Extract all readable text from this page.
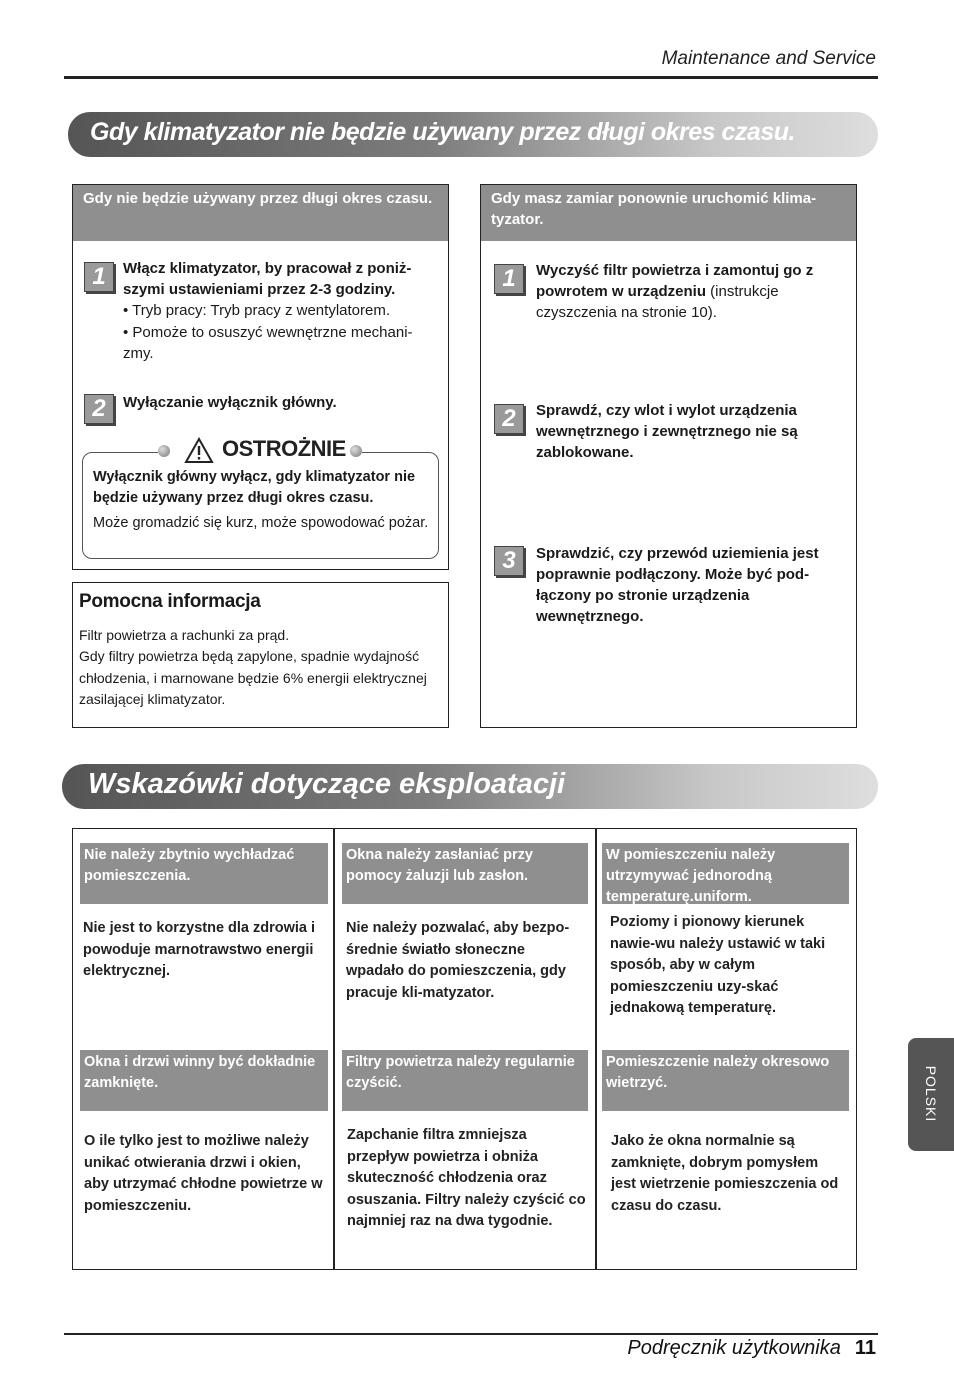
Maintenance and Service
Gdy klimatyzator nie będzie używany przez długi okres czasu.
Gdy nie będzie używany przez długi okres czasu.
1	Włącz klimatyzator, by pracował z poniż-szymi ustawieniami przez 2-3 godziny.
• Tryb pracy: Tryb pracy z wentylatorem.
• Pomoże to osuszyć wewnętrzne mechani-zmy.
2	Wyłączanie wyłącznik główny.
OSTROŻNIE
Wyłącznik główny wyłącz, gdy klimatyzator nie będzie używany przez długi okres czasu.
Może gromadzić się kurz, może spowodować pożar.
Pomocna informacja
Filtr powietrza a rachunki za prąd.
Gdy filtry powietrza będą zapylone, spadnie wydajność chłodzenia, i marnowane będzie 6% energii elektrycznej zasilającej klimatyzator.
Gdy masz zamiar ponownie uruchomić klima-tyzator.
1	Wyczyść filtr powietrza i zamontuj go z powrotem w urządzeniu (instrukcje czyszczenia na stronie 10).
2	Sprawdź, czy wlot i wylot urządzenia wewnętrznego i zewnętrznego nie są zablokowane.
3	Sprawdzić, czy przewód uziemienia jest poprawnie podłączony. Może być pod-łączony po stronie urządzenia wewnętrznego.
Wskazówki dotyczące eksploatacji
Nie należy zbytnio wychładzać pomieszczenia.
Nie jest to korzystne dla zdrowia i powoduje marnotrawstwo energii elektrycznej.
Okna należy zasłaniać przy pomocy żaluzji lub zasłon.
Nie należy pozwalać, aby bezpo-średnie światło słoneczne wpadało do pomieszczenia, gdy pracuje kli-matyzator.
W pomieszczeniu należy utrzymywać jednorodną temperaturę.uniform.
Poziomy i pionowy kierunek nawie-wu należy ustawić w taki sposób, aby w całym pomieszczeniu uzy-skać jednakową temperaturę.
Okna i drzwi winny być dokładnie zamknięte.
O ile tylko jest to możliwe należy unikać otwierania drzwi i okien, aby utrzymać chłodne powietrze w pomieszczeniu.
Filtry powietrza należy regularnie czyścić.
Zapchanie filtra zmniejsza przepływ powietrza i obniża skuteczność chłodzenia oraz osuszania. Filtry należy czyścić co najmniej raz na dwa tygodnie.
Pomieszczenie należy okresowo wietrzyć.
Jako że okna normalnie są zamknięte, dobrym pomysłem jest wietrzenie pomieszczenia od czasu do czasu.
POLSKI
Podręcznik użytkownika 11
